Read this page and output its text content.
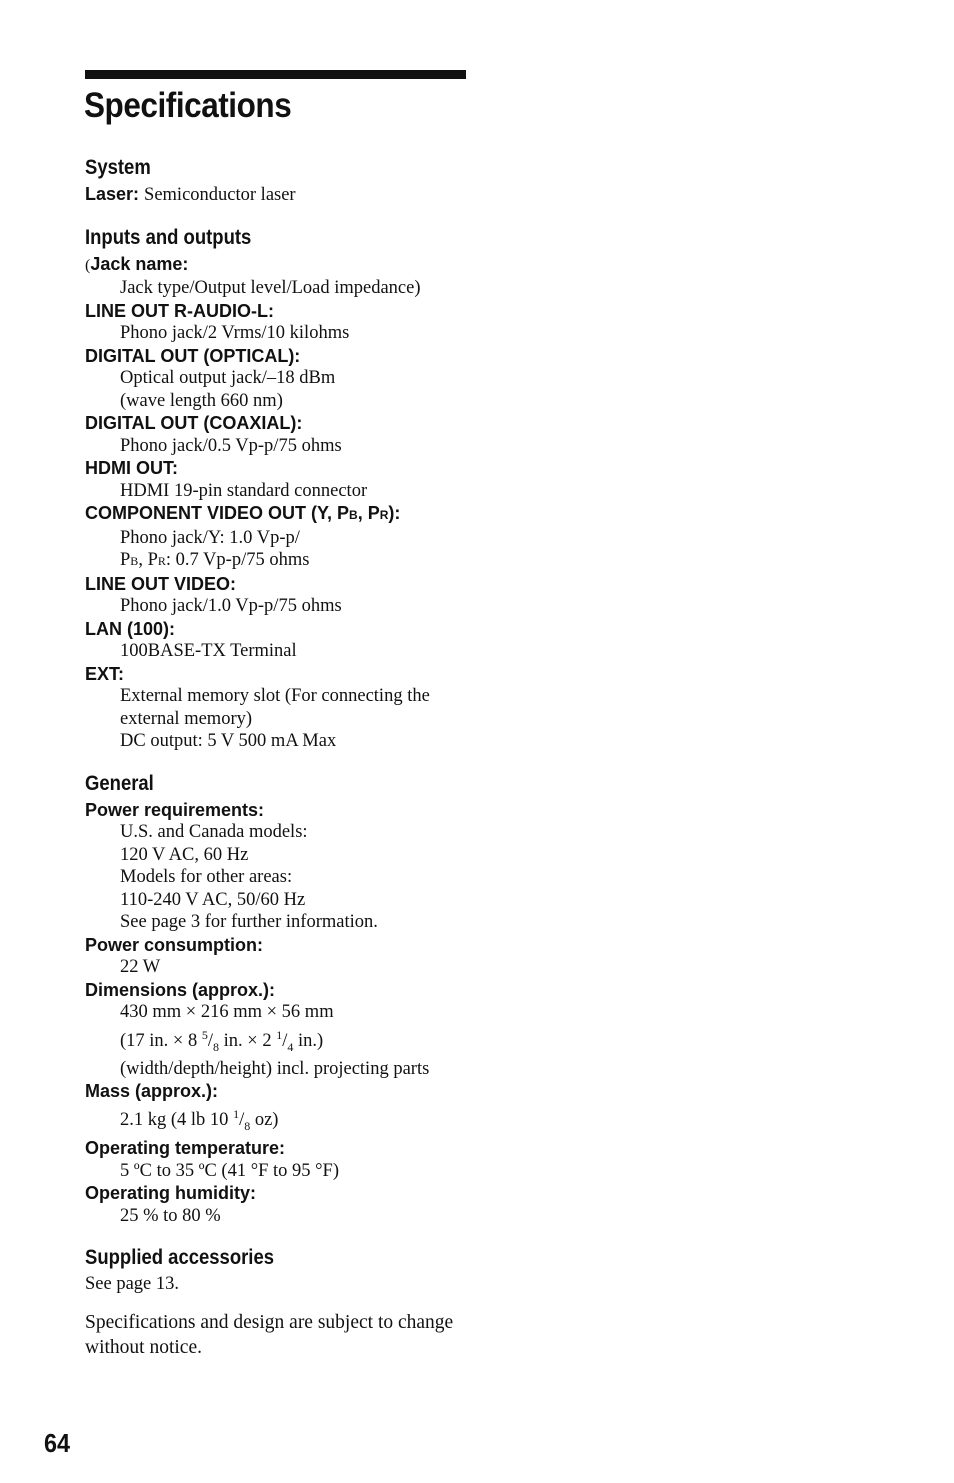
Specifications
System
Laser: Semiconductor laser
Inputs and outputs
(Jack name:
Jack type/Output level/Load impedance)
LINE OUT R-AUDIO-L:
Phono jack/2 Vrms/10 kilohms
DIGITAL OUT (OPTICAL):
Optical output jack/–18 dBm
(wave length 660 nm)
DIGITAL OUT (COAXIAL):
Phono jack/0.5 Vp-p/75 ohms
HDMI OUT:
HDMI 19-pin standard connector
COMPONENT VIDEO OUT (Y, PB, PR):
Phono jack/Y: 1.0 Vp-p/
PB, PR: 0.7 Vp-p/75 ohms
LINE OUT VIDEO:
Phono jack/1.0 Vp-p/75 ohms
LAN (100):
100BASE-TX Terminal
EXT:
External memory slot (For connecting the
external memory)
DC output: 5 V 500 mA Max
General
Power requirements:
U.S. and Canada models:
120 V AC, 60 Hz
Models for other areas:
110-240 V AC, 50/60 Hz
See page 3 for further information.
Power consumption:
22 W
Dimensions (approx.):
430 mm × 216 mm × 56 mm
(17 in. × 8 $^5/_8$ in. × 2 $^1/_4$ in.)
(width/depth/height) incl. projecting parts
Mass (approx.):
2.1 kg (4 lb 10 $^1/_8$ oz)
Operating temperature:
5 ºC to 35 ºC (41 °F to 95 °F)
Operating humidity:
25 % to 80 %
Supplied accessories
See page 13.
Specifications and design are subject to change without notice.
64
